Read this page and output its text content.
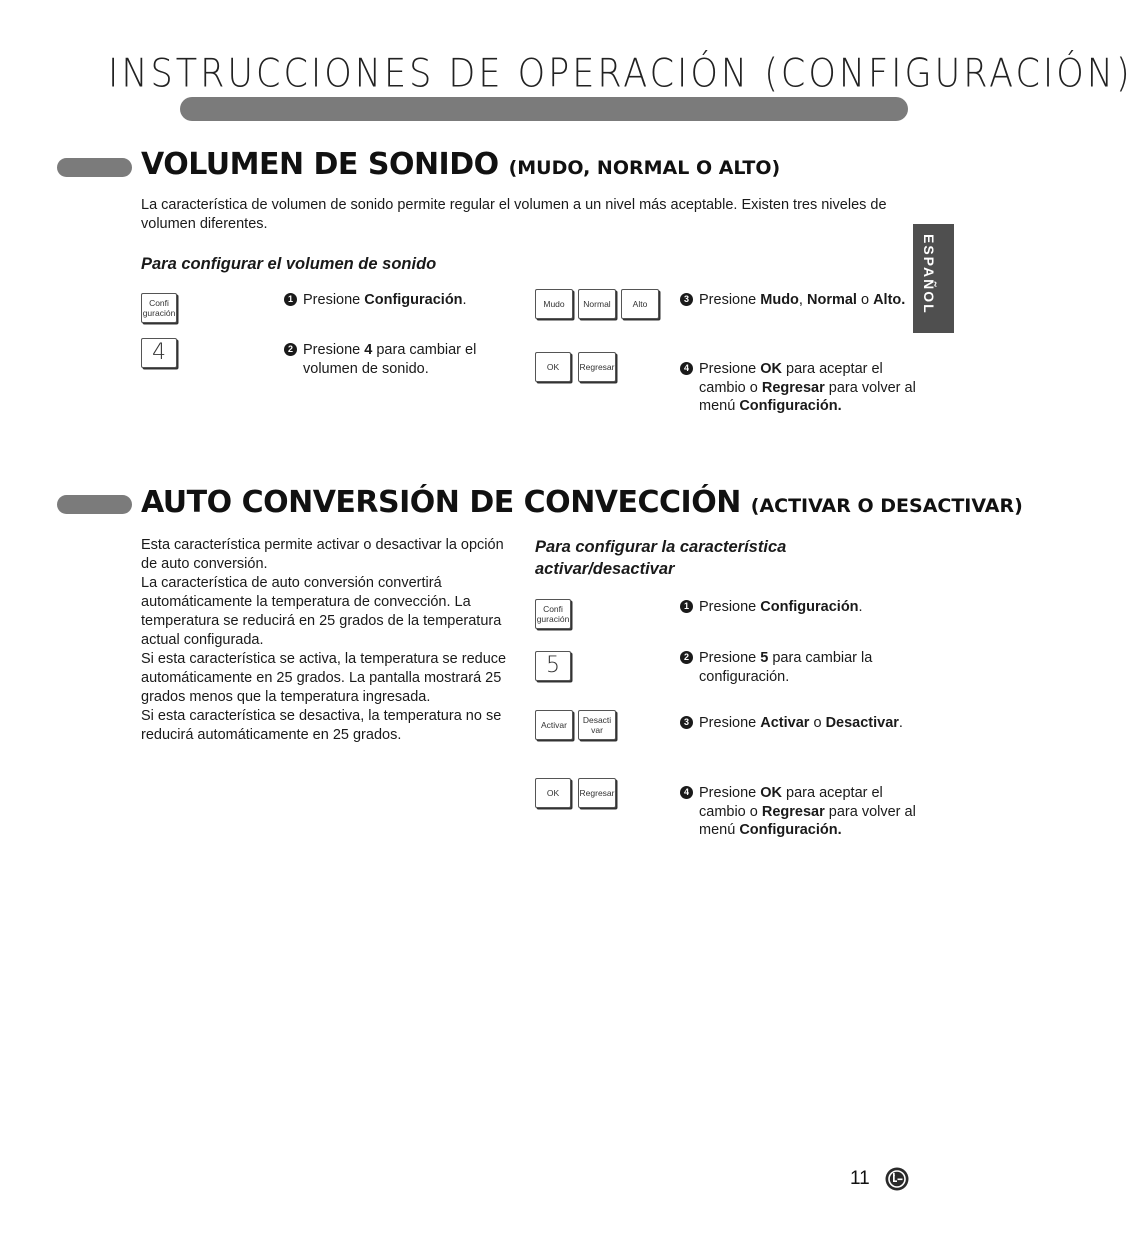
INSTRUCCIONES DE OPERACIÓN (CONFIGURACIÓN)
ESPAÑOL
VOLUMEN DE SONIDO (MUDO, NORMAL O ALTO)
La característica de volumen de sonido permite regular el volumen a un nivel más aceptable. Existen tres niveles de volumen diferentes.
Para configurar el volumen de sonido
Confi
guración
4
Mudo	Normal	Alto
OK	Regresar
1 Presione Configuración.
2 Presione 4 para cambiar el volumen de sonido.
3 Presione Mudo, Normal o Alto.
4 Presione OK para aceptar el cambio o Regresar para volver al menú Configuración.
AUTO CONVERSIÓN DE CONVECCIÓN (ACTIVAR O DESACTIVAR)
Esta característica permite activar o desactivar la opción de auto conversión.
La característica de auto conversión convertirá automáticamente la temperatura de convección. La temperatura se reducirá en 25 grados de la temperatura actual configurada.
Si esta característica se activa, la temperatura se reduce automáticamente en 25 grados. La pantalla mostrará 25 grados menos que la temperatura ingresada.
Si esta característica se desactiva, la temperatura no se reducirá automáticamente en 25 grados.
Para configurar la característica
activar/desactivar
Confi
guración
5
Activar	Desacti
var
OK	Regresar
1 Presione Configuración.
2 Presione 5 para cambiar la configuración.
3 Presione Activar o Desactivar.
4 Presione OK para aceptar el cambio o Regresar para volver al menú Configuración.
11
